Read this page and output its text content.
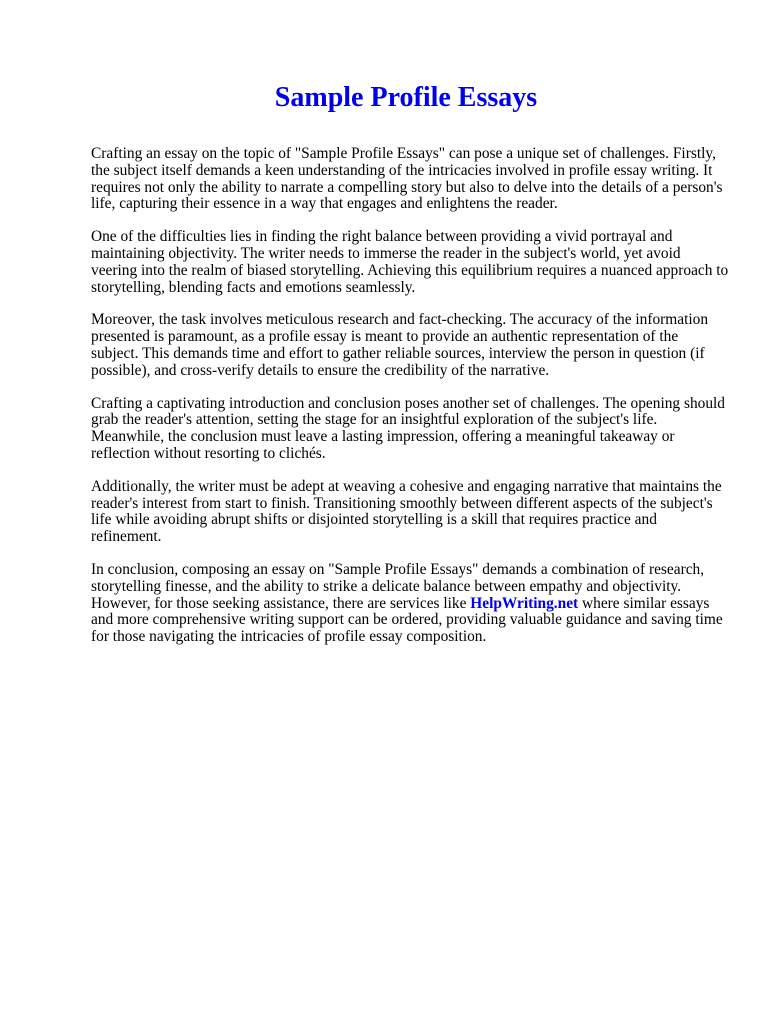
Sample Profile Essays

Crafting an essay on the topic of "Sample Profile Essays" can pose a unique set of challenges. Firstly, the subject itself demands a keen understanding of the intricacies involved in profile essay writing. It requires not only the ability to narrate a compelling story but also to delve into the details of a person's life, capturing their essence in a way that engages and enlightens the reader.

One of the difficulties lies in finding the right balance between providing a vivid portrayal and maintaining objectivity. The writer needs to immerse the reader in the subject's world, yet avoid veering into the realm of biased storytelling. Achieving this equilibrium requires a nuanced approach to storytelling, blending facts and emotions seamlessly.

Moreover, the task involves meticulous research and fact-checking. The accuracy of the information presented is paramount, as a profile essay is meant to provide an authentic representation of the subject. This demands time and effort to gather reliable sources, interview the person in question (if possible), and cross-verify details to ensure the credibility of the narrative.

Crafting a captivating introduction and conclusion poses another set of challenges. The opening should grab the reader's attention, setting the stage for an insightful exploration of the subject's life. Meanwhile, the conclusion must leave a lasting impression, offering a meaningful takeaway or reflection without resorting to clichés.

Additionally, the writer must be adept at weaving a cohesive and engaging narrative that maintains the reader's interest from start to finish. Transitioning smoothly between different aspects of the subject's life while avoiding abrupt shifts or disjointed storytelling is a skill that requires practice and refinement.

In conclusion, composing an essay on "Sample Profile Essays" demands a combination of research, storytelling finesse, and the ability to strike a delicate balance between empathy and objectivity. However, for those seeking assistance, there are services like HelpWriting.net where similar essays and more comprehensive writing support can be ordered, providing valuable guidance and saving time for those navigating the intricacies of profile essay composition.
